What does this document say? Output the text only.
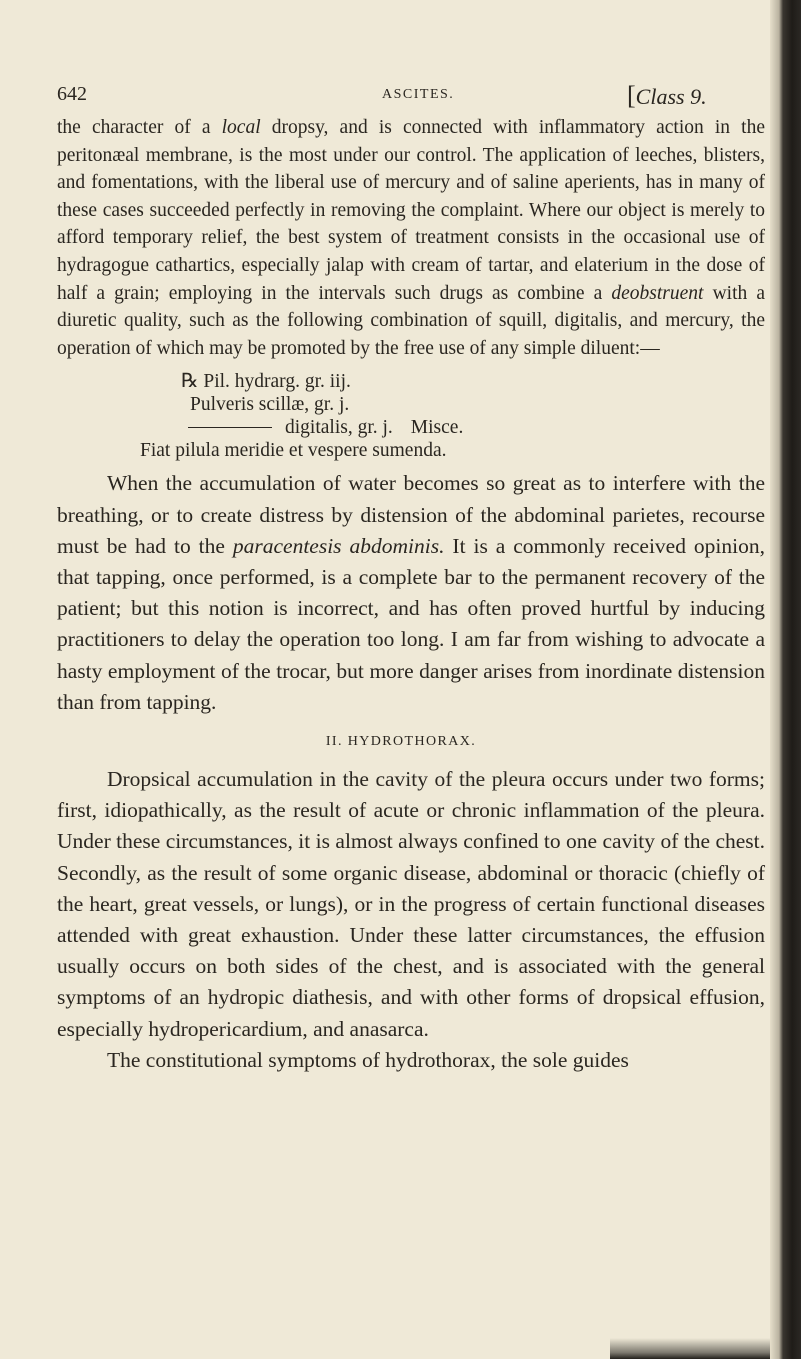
642	ASCITES.	[Class 9.

the character of a local dropsy, and is connected with inflammatory action in the peritonæal membrane, is the most under our control. The application of leeches, blisters, and fomentations, with the liberal use of mercury and of saline aperients, has in many of these cases succeeded perfectly in removing the complaint. Where our object is merely to afford temporary relief, the best system of treatment consists in the occasional use of hydragogue cathartics, especially jalap with cream of tartar, and elaterium in the dose of half a grain; employing in the intervals such drugs as combine a deobstruent with a diuretic quality, such as the following combination of squill, digitalis, and mercury, the operation of which may be promoted by the free use of any simple diluent:—

℞ Pil. hydrarg. gr. iij.
Pulveris scillæ, gr. j.
digitalis, gr. j. Misce.
Fiat pilula meridie et vespere sumenda.

When the accumulation of water becomes so great as to interfere with the breathing, or to create distress by distension of the abdominal parietes, recourse must be had to the paracentesis abdominis. It is a commonly received opinion, that tapping, once performed, is a complete bar to the permanent recovery of the patient; but this notion is incorrect, and has often proved hurtful by inducing practitioners to delay the operation too long. I am far from wishing to advocate a hasty employment of the trocar, but more danger arises from inordinate distension than from tapping.

II. HYDROTHORAX.

Dropsical accumulation in the cavity of the pleura occurs under two forms; first, idiopathically, as the result of acute or chronic inflammation of the pleura. Under these circumstances, it is almost always confined to one cavity of the chest. Secondly, as the result of some organic disease, abdominal or thoracic (chiefly of the heart, great vessels, or lungs), or in the progress of certain functional diseases attended with great exhaustion. Under these latter circumstances, the effusion usually occurs on both sides of the chest, and is associated with the general symptoms of an hydropic diathesis, and with other forms of dropsical effusion, especially hydropericardium, and anasarca.

The constitutional symptoms of hydrothorax, the sole guides
